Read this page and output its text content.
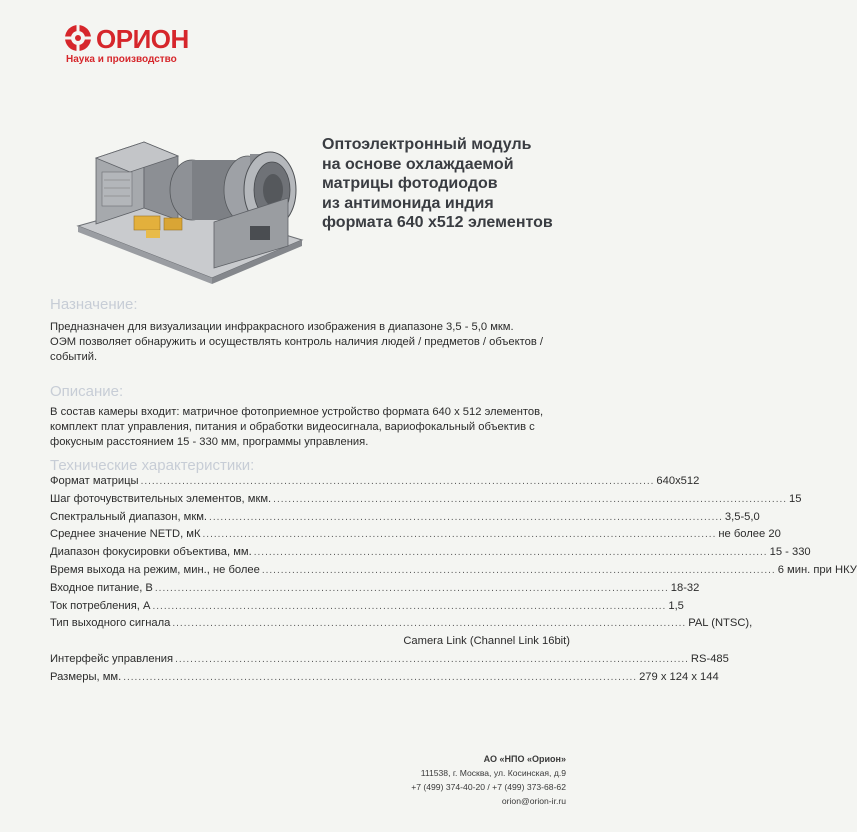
ОРИОН
Наука и производство
Оптоэлектронный модуль
на основе охлаждаемой
матрицы фотодиодов
из антимонида индия
формата 640 х512 элементов
Назначение:
Предназначен для визуализации инфракрасного изображения в диапазоне 3,5 - 5,0 мкм.
ОЭМ позволяет обнаружить и осуществлять контроль наличия людей / предметов / объектов /
событий.
Описание:
В состав камеры входит: матричное фотоприемное устройство формата 640 х 512 элементов,
комплект плат управления, питания и обработки видеосигнала, вариофокальный объектив с
фокусным расстоянием 15 - 330 мм, программы управления.
Технические характеристики:
Формат матрицы ........................................................................................................................................ 640х512
Шаг фоточувствительных элементов, мкм. ........................................................................................................................................ 15
Спектральный диапазон, мкм. ........................................................................................................................................ 3,5-5,0
Среднее значение NETD, мК ........................................................................................................................................ не более 20
Диапазон фокусировки объектива, мм. ........................................................................................................................................ 15 - 330
Время выхода на режим, мин., не более ........................................................................................................................................ 6 мин. при НКУ
Входное питание, В ........................................................................................................................................ 18-32
Ток потребления, А ........................................................................................................................................ 1,5
Тип выходного сигнала ........................................................................................................................................ PAL (NTSC),
Camera Link (Channel Link 16bit)
Интерфейс управления ........................................................................................................................................ RS-485
Размеры, мм. ........................................................................................................................................ 279 х 124 х 144
АО «НПО «Орион»
111538, г. Москва, ул. Косинская, д.9
+7 (499) 374-40-20 / +7 (499) 373-68-62
orion@orion-ir.ru
